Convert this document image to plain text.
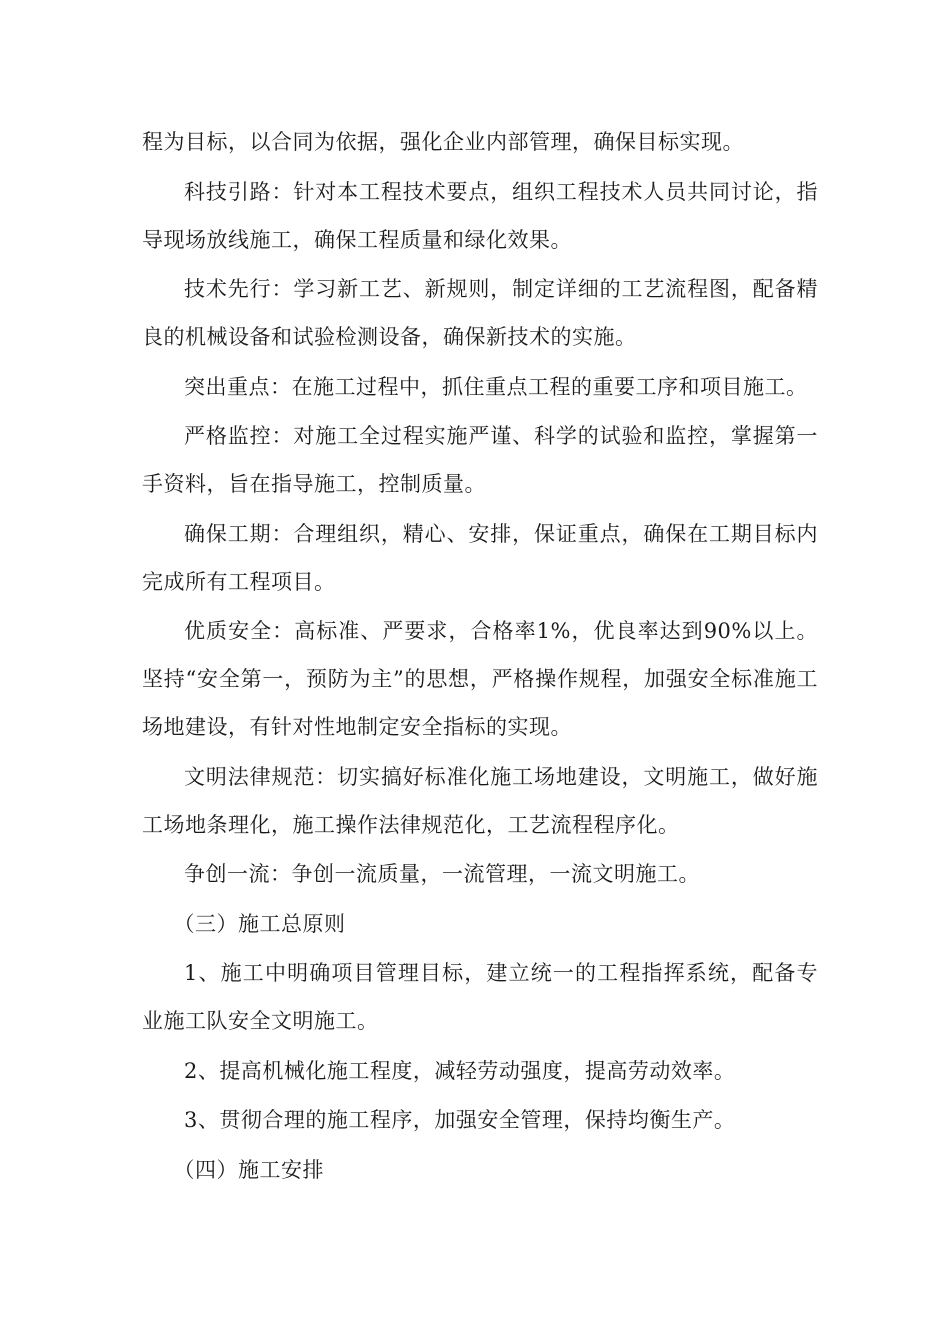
程为目标，以合同为依据，强化企业内部管理，确保目标实现。

科技引路：针对本工程技术要点，组织工程技术人员共同讨论，指导现场放线施工，确保工程质量和绿化效果。

技术先行：学习新工艺、新规则，制定详细的工艺流程图，配备精良的机械设备和试验检测设备，确保新技术的实施。

突出重点：在施工过程中，抓住重点工程的重要工序和项目施工。

严格监控：对施工全过程实施严谨、科学的试验和监控，掌握第一手资料，旨在指导施工，控制质量。

确保工期：合理组织，精心、安排，保证重点，确保在工期目标内完成所有工程项目。

优质安全：高标准、严要求，合格率1%，优良率达到90%以上。坚持“安全第一，预防为主”的思想，严格操作规程，加强安全标准施工场地建设，有针对性地制定安全指标的实现。

文明法律规范：切实搞好标准化施工场地建设，文明施工，做好施工场地条理化，施工操作法律规范化，工艺流程程序化。

争创一流：争创一流质量，一流管理，一流文明施工。

（三）施工总原则

1、施工中明确项目管理目标，建立统一的工程指挥系统，配备专业施工队安全文明施工。

2、提高机械化施工程度，减轻劳动强度，提高劳动效率。

3、贯彻合理的施工程序，加强安全管理，保持均衡生产。

（四）施工安排
